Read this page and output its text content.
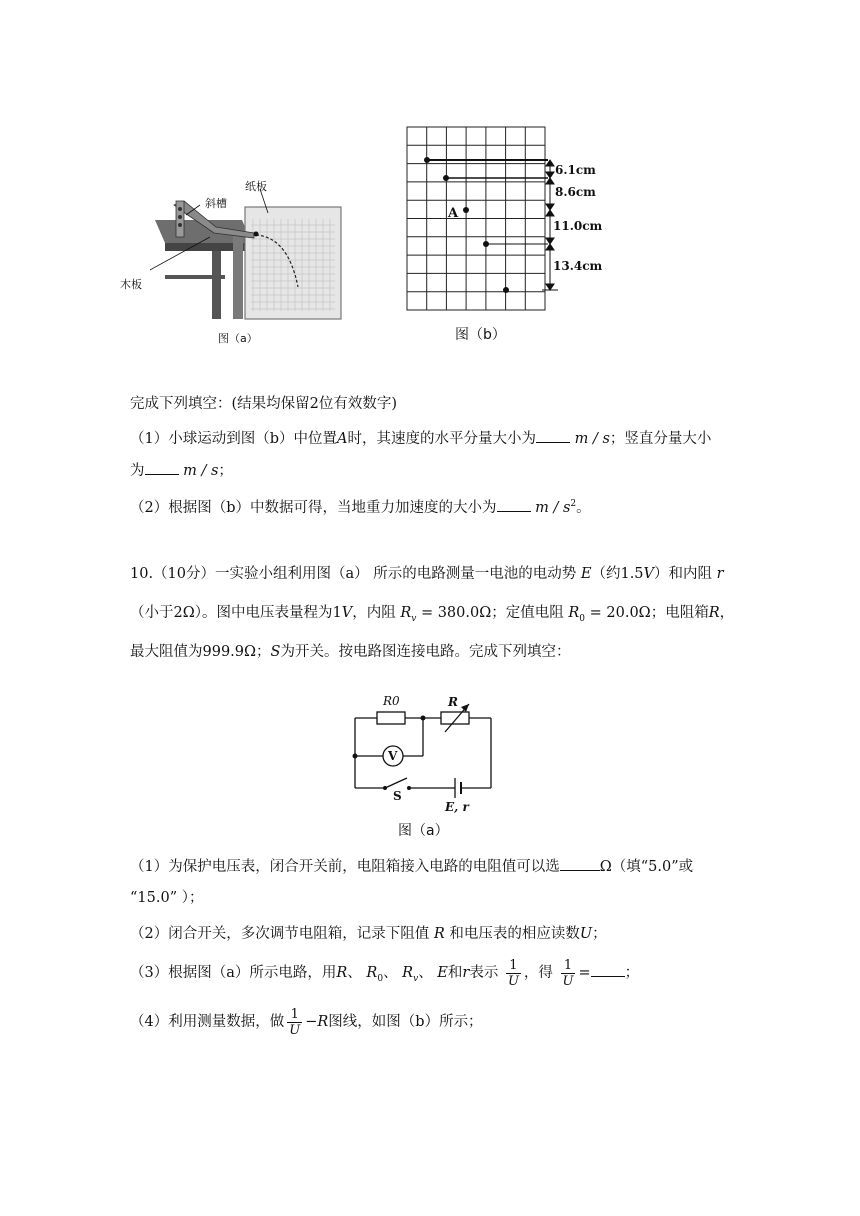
斜槽
纸板
木板
图（a）
A
6.1cm
8.6cm
11.0cm
13.4cm
图（b）
完成下列填空：(结果均保留2位有效数字)
（1）小球运动到图（b）中位置A时，其速度的水平分量大小为	m / s；竖直分量大小
为	m / s；
（2）根据图（b）中数据可得，当地重力加速度的大小为	m / $s^2$。
10.（10分）一实验小组利用图（a） 所示的电路测量一电池的电动势 E（约1.5V）和内阻 r
（小于2Ω）。图中电压表量程为1V，内阻 $R_v = 380.0\Omega$；定值电阻 $R_0 = 20.0\Omega$；电阻箱R，
最大阻值为999.9Ω；S为开关。按电路图连接电路。完成下列填空：
R0	R
V
S
E, r
图（a）
（1）为保护电压表，闭合开关前，电阻箱接入电路的电阻值可以选	Ω（填“5.0”或
“15.0” ）；
（2）闭合开关，多次调节电阻箱，记录下阻值 R 和电压表的相应读数U；
（3）根据图（a）所示电路，用R、 $R_0$、 $R_v$、 E和r表示 $\frac{1}{U}$ ，得 $\frac{1}{U}$ = ；
（4）利用测量数据，做 $\frac{1}{U} -R$图线，如图（b）所示；
